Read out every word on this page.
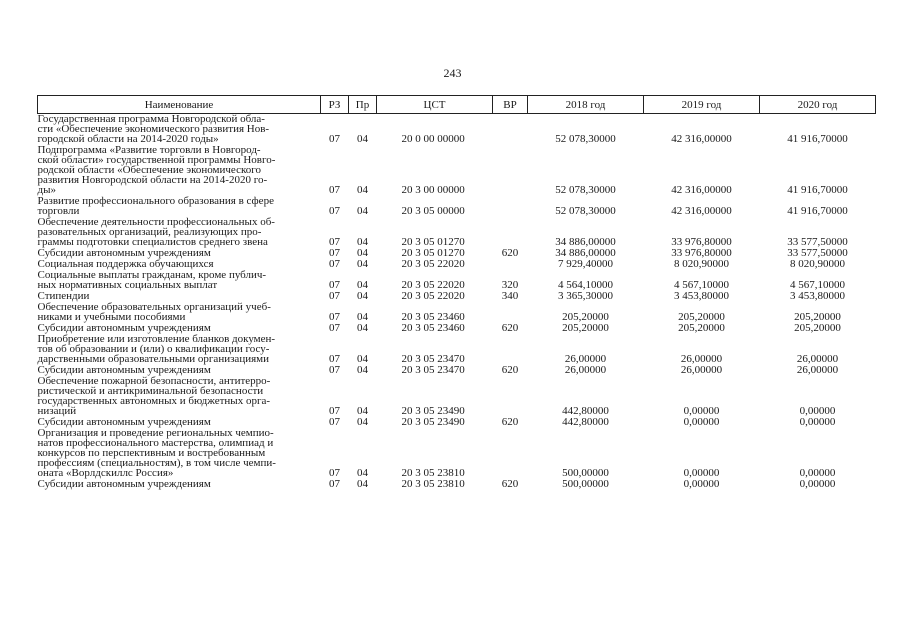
243
Наименование	РЗ	Пр	ЦСТ	ВР	2018 год	2019 год	2020 год
Государственная программа Новгородской обла-
сти «Обеспечение экономического развития Нов-
городской области на 2014-2020 годы»	07	04	20 0 00 00000		52 078,30000	42 316,00000	41 916,70000
Подпрограмма «Развитие торговли в Новгород-
ской области» государственной программы Новго-
родской области «Обеспечение экономического
развития Новгородской области на 2014-2020 го-
ды»	07	04	20 3 00 00000		52 078,30000	42 316,00000	41 916,70000
Развитие профессионального образования в сфере
торговли	07	04	20 3 05 00000		52 078,30000	42 316,00000	41 916,70000
Обеспечение деятельности профессиональных об-
разовательных организаций, реализующих про-
граммы подготовки специалистов среднего звена	07	04	20 3 05 01270		34 886,00000	33 976,80000	33 577,50000
Субсидии автономным учреждениям	07	04	20 3 05 01270	620	34 886,00000	33 976,80000	33 577,50000
Социальная поддержка обучающихся	07	04	20 3 05 22020		7 929,40000	8 020,90000	8 020,90000
Социальные выплаты гражданам, кроме публич-
ных нормативных социальных выплат	07	04	20 3 05 22020	320	4 564,10000	4 567,10000	4 567,10000
Стипендии	07	04	20 3 05 22020	340	3 365,30000	3 453,80000	3 453,80000
Обеспечение образовательных организаций учеб-
никами и учебными пособиями	07	04	20 3 05 23460		205,20000	205,20000	205,20000
Субсидии автономным учреждениям	07	04	20 3 05 23460	620	205,20000	205,20000	205,20000
Приобретение или изготовление бланков докумен-
тов об образовании и (или) о квалификации госу-
дарственными образовательными организациями	07	04	20 3 05 23470		26,00000	26,00000	26,00000
Субсидии автономным учреждениям	07	04	20 3 05 23470	620	26,00000	26,00000	26,00000
Обеспечение пожарной безопасности, антитерро-
ристической и антикриминальной безопасности
государственных автономных и бюджетных орга-
низаций	07	04	20 3 05 23490		442,80000	0,00000	0,00000
Субсидии автономным учреждениям	07	04	20 3 05 23490	620	442,80000	0,00000	0,00000
Организация и проведение региональных чемпио-
натов профессионального мастерства, олимпиад и
конкурсов по перспективным и востребованным
профессиям (специальностям), в том числе чемпи-
оната «Ворлдскиллс Россия»	07	04	20 3 05 23810		500,00000	0,00000	0,00000
Субсидии автономным учреждениям	07	04	20 3 05 23810	620	500,00000	0,00000	0,00000
